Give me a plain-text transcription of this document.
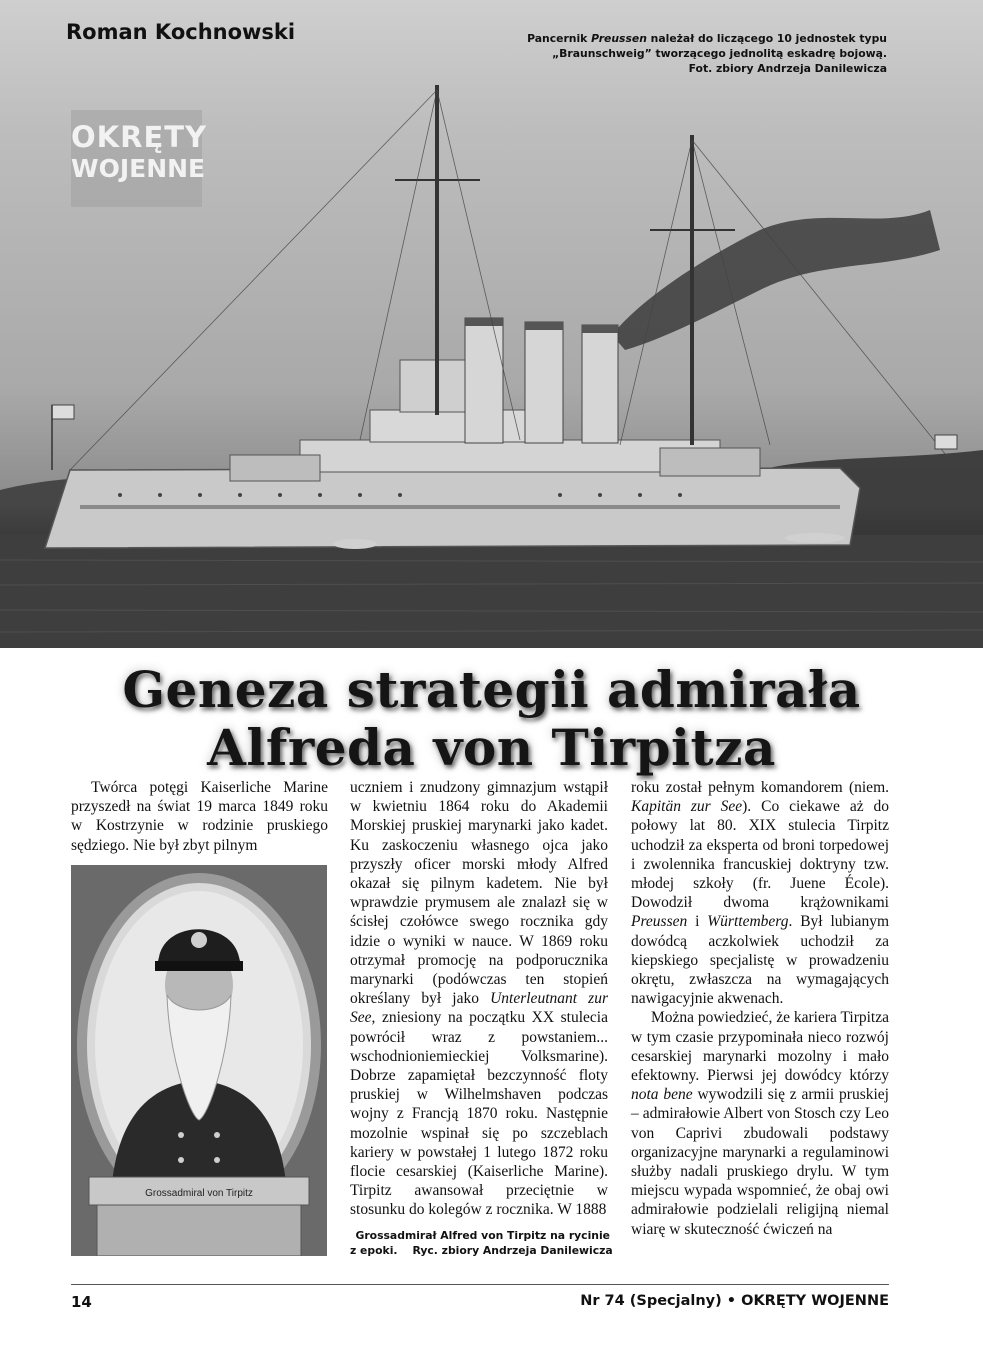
Roman Kochnowski	Pancernik Preussen należał do liczącego 10 jednostek typu
„Braunschweig” tworzącego jednolitą eskadrę bojową.
Fot. zbiory Andrzeja Danilewicza

OKRĘTY
WOJENNE
Geneza strategii admirała
Alfreda von Tirpitza

Twórca potęgi Kaiserliche Marine przyszedł na świat 19 marca 1849 roku w Kostrzynie w rodzinie pruskiego sędziego. Nie był zbyt pilnym

Grossadmiral von Tirpitz

Grossadmirał Alfred von Tirpitz na rycinie
z epoki.    Ryc. zbiory Andrzeja Danilewicza

uczniem i znudzony gimnazjum wstąpił w kwietniu 1864 roku do Akademii Morskiej pruskiej marynarki jako kadet. Ku zaskoczeniu własnego ojca jako przyszły oficer morski młody Alfred okazał się pilnym kadetem. Nie był wprawdzie prymusem ale znalazł się w ścisłej czołówce swego rocznika gdy idzie o wyniki w nauce. W 1869 roku otrzymał promocję na podporucznika marynarki (podówczas ten stopień określany był jako Unterleutnant zur See, zniesiony na początku XX stulecia powrócił wraz z powstaniem... wschodnioniemieckiej Volksmarine). Dobrze zapamiętał bezczynność floty pruskiej w Wilhelmshaven podczas wojny z Francją 1870 roku. Następnie mozolnie wspinał się po szczeblach kariery w powstałej 1 lutego 1872 roku flocie cesarskiej (Kaiserliche Marine). Tirpitz awansował przeciętnie w stosunku do kolegów z rocznika. W 1888

roku został pełnym komandorem (niem. Kapitän zur See). Co ciekawe aż do połowy lat 80. XIX stulecia Tirpitz uchodził za eksperta od broni torpedowej i zwolennika francuskiej doktryny tzw. młodej szkoły (fr. Juene École). Dowodził dwoma krążownikami Preussen i Württemberg. Był lubianym dowódcą aczkolwiek uchodził za kiepskiego specjalistę w prowadzeniu okrętu, zwłaszcza na wymagających nawigacyjnie akwenach.

Można powiedzieć, że kariera Tirpitza w tym czasie przypominała nieco rozwój cesarskiej marynarki mozolny i mało efektowny. Pierwsi jej dowódcy którzy nota bene wywodzili się z armii pruskiej – admirałowie Albert von Stosch czy Leo von Caprivi zbudowali podstawy organizacyjne marynarki a regulaminowi służby nadali pruskiego drylu. W tym miejscu wypada wspomnieć, że obaj owi admirałowie podzielali religijną niemal wiarę w skuteczność ćwiczeń na

14	Nr 74 (Specjalny) • OKRĘTY WOJENNE
